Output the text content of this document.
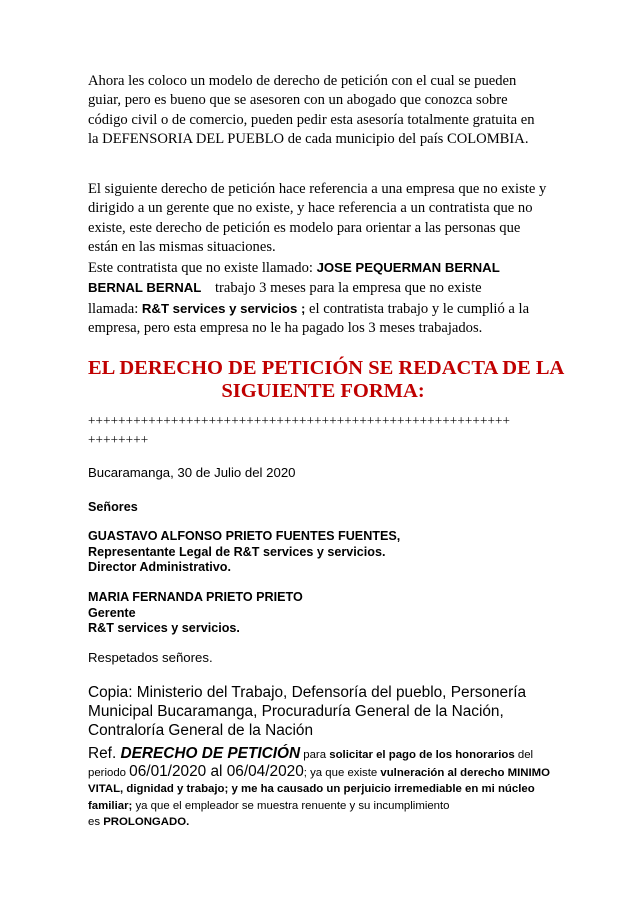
Ahora les coloco un modelo de derecho de petición con el cual se pueden
guiar, pero es bueno que se asesoren con un abogado que conozca sobre
código civil o de comercio, pueden pedir esta asesoría totalmente gratuita en
la DEFENSORIA DEL PUEBLO de cada municipio del país COLOMBIA.
El siguiente derecho de petición hace referencia a una empresa que no existe y
dirigido a un gerente que no existe, y hace referencia a un contratista que no
existe, este derecho de petición es modelo para orientar a las personas que
están en las mismas situaciones.
Este contratista que no existe llamado: JOSE PEQUERMAN BERNAL
BERNAL BERNAL trabajo 3 meses para la empresa que no existe
llamada: R&T services y servicios ; el contratista trabajo y le cumplió a la
empresa, pero esta empresa no le ha pagado los 3 meses trabajados.
EL DERECHO DE PETICIÓN SE REDACTA DE LA
SIGUIENTE FORMA:
++++++++++++++++++++++++++++++++++++++++++++++++++++++++
++++++++
Bucaramanga, 30 de Julio del 2020
Señores
GUASTAVO ALFONSO PRIETO FUENTES FUENTES,
Representante Legal de R&T services y servicios.
Director Administrativo.
MARIA FERNANDA PRIETO PRIETO
Gerente
R&T services y servicios.
Respetados señores.
Copia: Ministerio del Trabajo, Defensoría del pueblo, Personería
Municipal Bucaramanga, Procuraduría General de la Nación,
Contraloría General de la Nación
Ref. DERECHO DE PETICIÓN para solicitar el pago de los honorarios del
periodo 06/01/2020 al 06/04/2020; ya que existe vulneración al derecho MINIMO
VITAL, dignidad y trabajo; y me ha causado un perjuicio irremediable en mi núcleo
familiar; ya que el empleador se muestra renuente y su incumplimiento
es PROLONGADO.
